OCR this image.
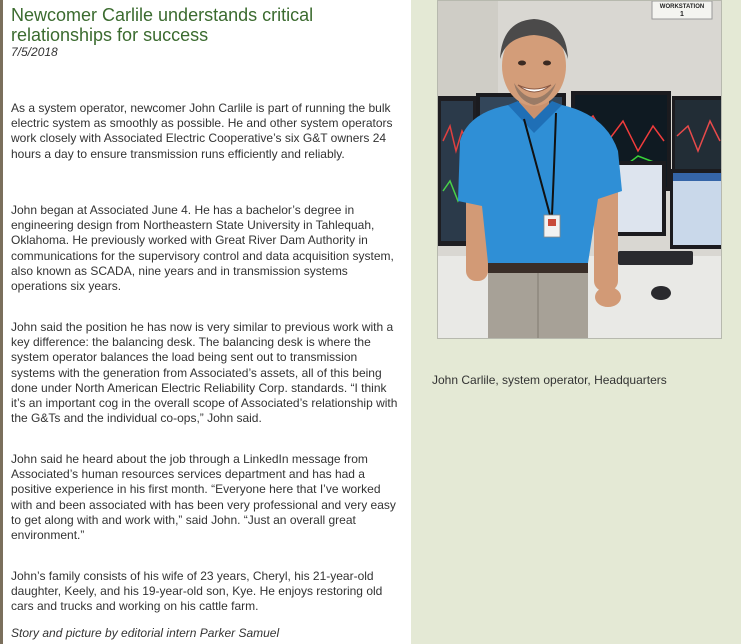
Newcomer Carlile understands critical relationships for success
7/5/2018

As a system operator, newcomer John Carlile is part of running the bulk electric system as smoothly as possible. He and other system operators work closely with Associated Electric Cooperative’s six G&T owners 24 hours a day to ensure transmission runs efficiently and reliably.

John began at Associated June 4. He has a bachelor’s degree in engineering design from Northeastern State University in Tahlequah, Oklahoma. He previously worked with Great River Dam Authority in communications for the supervisory control and data acquisition system, also known as SCADA, nine years and in transmission systems operations six years.

John said the position he has now is very similar to previous work with a key difference: the balancing desk. The balancing desk is where the system operator balances the load being sent out to transmission systems with the generation from Associated’s assets, all of this being done under North American Electric Reliability Corp. standards. “I think it’s an important cog in the overall scope of Associated’s relationship with the G&Ts and the individual co-ops,” John said.

John said he heard about the job through a LinkedIn message from Associated’s human resources services department and has had a positive experience in his first month. “Everyone here that I’ve worked with and been associated with has been very professional and very easy to get along with and work with,” said John. “Just an overall great environment.”

John’s family consists of his wife of 23 years, Cheryl, his 21-year-old daughter, Keely, and his 19-year-old son, Kye. He enjoys restoring old cars and trucks and working on his cattle farm.

Story and picture by editorial intern Parker Samuel

WORKSTATION
1
John Carlile, system operator, Headquarters
